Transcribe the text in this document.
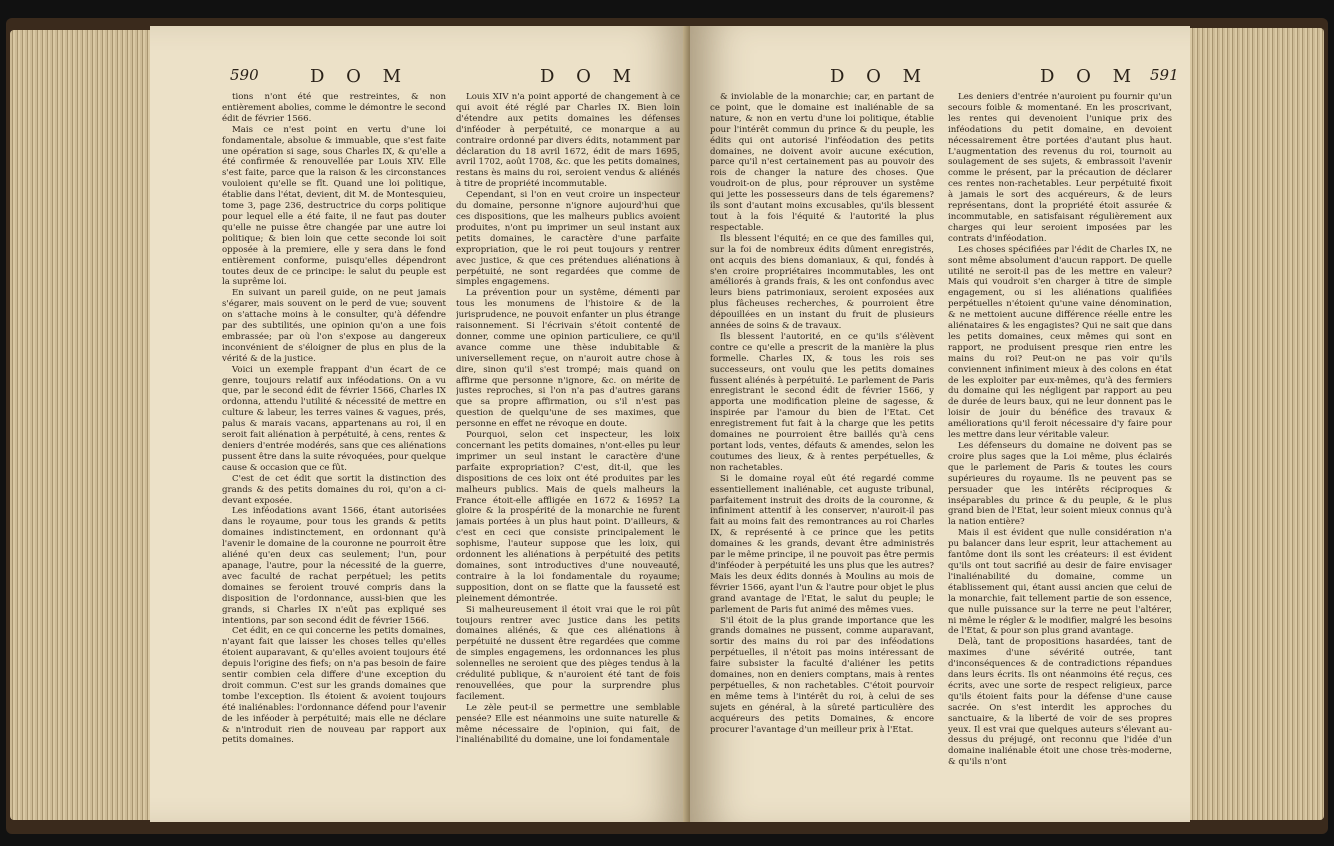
590	D O M	D O M

tions n'ont été que restreintes, & non entièrement abolies, comme le démontre le second édit de février 1566.

Mais ce n'est point en vertu d'une loi fondamentale, absolue & immuable, que s'est faite une opération si sage, sous Charles IX, & qu'elle a été confirmée & renouvellée par Louis XIV. Elle s'est faite, parce que la raison & les circonstances vouloient qu'elle se fît. Quand une loi politique, établie dans l'état, devient, dit M. de Montesquieu, tome 3, page 236, destructrice du corps politique pour lequel elle a été faite, il ne faut pas douter qu'elle ne puisse être changée par une autre loi politique; & bien loin que cette seconde loi soit opposée à la premiere, elle y sera dans le fond entièrement conforme, puisqu'elles dépendront toutes deux de ce principe: le salut du peuple est la suprême loi.

En suivant un pareil guide, on ne peut jamais s'égarer, mais souvent on le perd de vue; souvent on s'attache moins à le consulter, qu'à défendre par des subtilités, une opinion qu'on a une fois embrassée; par où l'on s'expose au dangereux inconvénient de s'éloigner de plus en plus de la vérité & de la justice.

Voici un exemple frappant d'un écart de ce genre, toujours relatif aux inféodations. On a vu que, par le second édit de février 1566, Charles IX ordonna, attendu l'utilité & nécessité de mettre en culture & labeur, les terres vaines & vagues, prés, palus & marais vacans, appartenans au roi, il en seroit fait aliénation à perpétuité, à cens, rentes & deniers d'entrée modérés, sans que ces aliénations pussent être dans la suite révoquées, pour quelque cause & occasion que ce fût.

C'est de cet édit que sortit la distinction des grands & des petits domaines du roi, qu'on a ci-devant exposée.

Les inféodations avant 1566, étant autorisées dans le royaume, pour tous les grands & petits domaines indistinctement, en ordonnant qu'à l'avenir le domaine de la couronne ne pourroit être aliéné qu'en deux cas seulement; l'un, pour apanage, l'autre, pour la nécessité de la guerre, avec faculté de rachat perpétuel; les petits domaines se feroient trouvé compris dans la disposition de l'ordonnance, aussi-bien que les grands, si Charles IX n'eût pas expliqué ses intentions, par son second édit de février 1566.

Cet édit, en ce qui concerne les petits domaines, n'ayant fait que laisser les choses telles qu'elles étoient auparavant, & qu'elles avoient toujours été depuis l'origine des fiefs; on n'a pas besoin de faire sentir combien cela differe d'une exception du droit commun. C'est sur les grands domaines que tombe l'exception. Ils étoient & avoient toujours été inaliénables: l'ordonnance défend pour l'avenir de les inféoder à perpétuité; mais elle ne déclare & n'introduit rien de nouveau par rapport aux petits domaines.

Louis XIV n'a point apporté de changement à ce qui avoit été réglé par Charles IX. Bien loin d'étendre aux petits domaines les défenses d'inféoder à perpétuité, ce monarque a au contraire ordonné par divers édits, notamment par déclaration du 18 avril 1672, édit de mars 1695, avril 1702, août 1708, &c. que les petits domaines, restans ès mains du roi, seroient vendus & aliénés à titre de propriété incommutable.

Cependant, si l'on en veut croire un inspecteur du domaine, personne n'ignore aujourd'hui que ces dispositions, que les malheurs publics avoient produites, n'ont pu imprimer un seul instant aux petits domaines, le caractère d'une parfaite expropriation, que le roi peut toujours y rentrer avec justice, & que ces prétendues aliénations à perpétuité, ne sont regardées que comme de simples engagemens.

La prévention pour un systême, démenti par tous les monumens de l'histoire & de la jurisprudence, ne pouvoit enfanter un plus étrange raisonnement. Si l'écrivain s'étoit contenté de donner, comme une opinion particuliere, ce qu'il avance comme une thèse indubitable & universellement reçue, on n'auroit autre chose à dire, sinon qu'il s'est trompé; mais quand on affirme que personne n'ignore, &c. on mérite de justes reproches, si l'on n'a pas d'autres garans que sa propre affirmation, ou s'il n'est pas question de quelqu'une de ses maximes, que personne en effet ne révoque en doute.

Pourquoi, selon cet inspecteur, les loix concernant les petits domaines, n'ont-elles pu leur imprimer un seul instant le caractère d'une parfaite expropriation? C'est, dit-il, que les dispositions de ces loix ont été produites par les malheurs publics. Mais de quels malheurs la France étoit-elle affligée en 1672 & 1695? La gloire & la prospérité de la monarchie ne furent jamais portées à un plus haut point. D'ailleurs, & c'est en ceci que consiste principalement le sophisme, l'auteur suppose que les loix, qui ordonnent les aliénations à perpétuité des petits domaines, sont introductives d'une nouveauté, contraire à la loi fondamentale du royaume; supposition, dont on se flatte que la fausseté est pleinement démontrée.

Si malheureusement il étoit vrai que le roi pût toujours rentrer avec justice dans les petits domaines aliénés, & que ces aliénations à perpétuité ne dussent être regardées que comme de simples engagemens, les ordonnances les plus solennelles ne seroient que des pièges tendus à la crédulité publique, & n'auroient été tant de fois renouvellées, que pour la surprendre plus facilement.

Le zèle peut-il se permettre une semblable pensée? Elle est néanmoins une suite naturelle & même nécessaire de l'opinion, qui fait, de l'inaliénabilité du domaine, une loi fondamentale

D O M	D O M 591

& inviolable de la monarchie; car, en partant de ce point, que le domaine est inaliénable de sa nature, & non en vertu d'une loi politique, établie pour l'intérêt commun du prince & du peuple, les édits qui ont autorisé l'inféodation des petits domaines, ne doivent avoir aucune exécution, parce qu'il n'est certainement pas au pouvoir des rois de changer la nature des choses. Que voudroit-on de plus, pour réprouver un systême qui jette les possesseurs dans de tels égaremens? ils sont d'autant moins excusables, qu'ils blessent tout à la fois l'équité & l'autorité la plus respectable.

Ils blessent l'équité; en ce que des familles qui, sur la foi de nombreux édits dûment enregistrés, ont acquis des biens domaniaux, & qui, fondés à s'en croire propriétaires incommutables, les ont améliorés à grands frais, & les ont confondus avec leurs biens patrimoniaux, seroient exposées aux plus fâcheuses recherches, & pourroient être dépouillées en un instant du fruit de plusieurs années de soins & de travaux.

Ils blessent l'autorité, en ce qu'ils s'élèvent contre ce qu'elle a prescrit de la manière la plus formelle. Charles IX, & tous les rois ses successeurs, ont voulu que les petits domaines fussent aliénés à perpétuité. Le parlement de Paris enregistrant le second édit de février 1566, y apporta une modification pleine de sagesse, & inspirée par l'amour du bien de l'Etat. Cet enregistrement fut fait à la charge que les petits domaines ne pourroient être baillés qu'à cens portant lods, ventes, défauts & amendes, selon les coutumes des lieux, & à rentes perpétuelles, & non rachetables.

Si le domaine royal eût été regardé comme essentiellement inaliénable, cet auguste tribunal, parfaitement instruit des droits de la couronne, & infiniment attentif à les conserver, n'auroit-il pas fait au moins fait des remontrances au roi Charles IX, & représenté à ce prince que les petits domaines & les grands, devant être administrés par le même principe, il ne pouvoit pas être permis d'inféoder à perpétuité les uns plus que les autres? Mais les deux édits donnés à Moulins au mois de février 1566, ayant l'un & l'autre pour objet le plus grand avantage de l'Etat, le salut du peuple; le parlement de Paris fut animé des mêmes vues.

S'il étoit de la plus grande importance que les grands domaines ne pussent, comme auparavant, sortir des mains du roi par des inféodations perpétuelles, il n'étoit pas moins intéressant de faire subsister la faculté d'aliéner les petits domaines, non en deniers comptans, mais à rentes perpétuelles, & non rachetables. C'étoit pourvoir en même tems à l'intérêt du roi, à celui de ses sujets en général, à la sûreté particulière des acquéreurs des petits Domaines, & encore procurer l'avantage d'un meilleur prix à l'Etat.

Les deniers d'entrée n'auroient pu fournir qu'un secours foible & momentané. En les proscrivant, les rentes qui devenoient l'unique prix des inféodations du petit domaine, en devoient nécessairement être portées d'autant plus haut. L'augmentation des revenus du roi, tournoit au soulagement de ses sujets, & embrassoit l'avenir comme le présent, par la précaution de déclarer ces rentes non-rachetables. Leur perpétuité fixoit à jamais le sort des acquéreurs, & de leurs représentans, dont la propriété étoit assurée & incommutable, en satisfaisant régulièrement aux charges qui leur seroient imposées par les contrats d'inféodation.

Les choses spécifiées par l'édit de Charles IX, ne sont même absolument d'aucun rapport. De quelle utilité ne seroit-il pas de les mettre en valeur? Mais qui voudroit s'en charger à titre de simple engagement, ou si les aliénations qualifiées perpétuelles n'étoient qu'une vaine dénomination, & ne mettoient aucune différence réelle entre les aliénataires & les engagistes? Qui ne sait que dans les petits domaines, ceux mêmes qui sont en rapport, ne produisent presque rien entre les mains du roi? Peut-on ne pas voir qu'ils conviennent infiniment mieux à des colons en état de les exploiter par eux-mêmes, qu'à des fermiers du domaine qui les négligent par rapport au peu de durée de leurs baux, qui ne leur donnent pas le loisir de jouir du bénéfice des travaux & améliorations qu'il feroit nécessaire d'y faire pour les mettre dans leur véritable valeur.

Les défenseurs du domaine ne doivent pas se croire plus sages que la Loi même, plus éclairés que le parlement de Paris & toutes les cours supérieures du royaume. Ils ne peuvent pas se persuader que les intérêts réciproques & inséparables du prince & du peuple, & le plus grand bien de l'Etat, leur soient mieux connus qu'à la nation entière?

Mais il est évident que nulle considération n'a pu balancer dans leur esprit, leur attachement au fantôme dont ils sont les créateurs: il est évident qu'ils ont tout sacrifié au desir de faire envisager l'inaliénabilité du domaine, comme un établissement qui, étant aussi ancien que celui de la monarchie, fait tellement partie de son essence, que nulle puissance sur la terre ne peut l'altérer, ni même le régler & le modifier, malgré les besoins de l'Etat, & pour son plus grand avantage.

Delà, tant de propositions hasardées, tant de maximes d'une sévérité outrée, tant d'inconséquences & de contradictions répandues dans leurs écrits. Ils ont néanmoins été reçus, ces écrits, avec une sorte de respect religieux, parce qu'ils étoient faits pour la défense d'une cause sacrée. On s'est interdit les approches du sanctuaire, & la liberté de voir de ses propres yeux. Il est vrai que quelques auteurs s'élevant au-dessus du préjugé, ont reconnu que l'idée d'un domaine inaliénable étoit une chose très-moderne, & qu'ils n'ont
